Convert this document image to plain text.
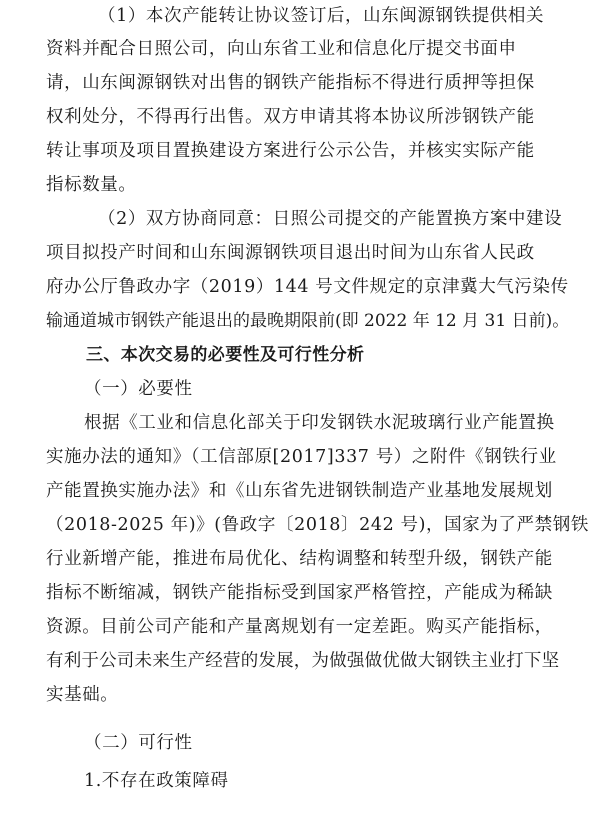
（1）本次产能转让协议签订后，山东闽源钢铁提供相关
资料并配合日照公司，向山东省工业和信息化厅提交书面申
请，山东闽源钢铁对出售的钢铁产能指标不得进行质押等担保
权利处分，不得再行出售。双方申请其将本协议所涉钢铁产能
转让事项及项目置换建设方案进行公示公告，并核实实际产能
指标数量。
（2）双方协商同意：日照公司提交的产能置换方案中建设
项目拟投产时间和山东闽源钢铁项目退出时间为山东省人民政
府办公厅鲁政办字（2019）144 号文件规定的京津冀大气污染传
输通道城市钢铁产能退出的最晚期限前(即 2022 年 12 月 31 日前)。
三、本次交易的必要性及可行性分析
（一）必要性
根据《工业和信息化部关于印发钢铁水泥玻璃行业产能置换
实施办法的通知》（工信部原[2017]337 号）之附件《钢铁行业
产能置换实施办法》和《山东省先进钢铁制造产业基地发展规划
（2018-2025 年)》(鲁政字〔2018〕242 号)，国家为了严禁钢铁
行业新增产能，推进布局优化、结构调整和转型升级，钢铁产能
指标不断缩减，钢铁产能指标受到国家严格管控，产能成为稀缺
资源。目前公司产能和产量离规划有一定差距。购买产能指标，
有利于公司未来生产经营的发展，为做强做优做大钢铁主业打下坚
实基础。
（二）可行性
1.不存在政策障碍
